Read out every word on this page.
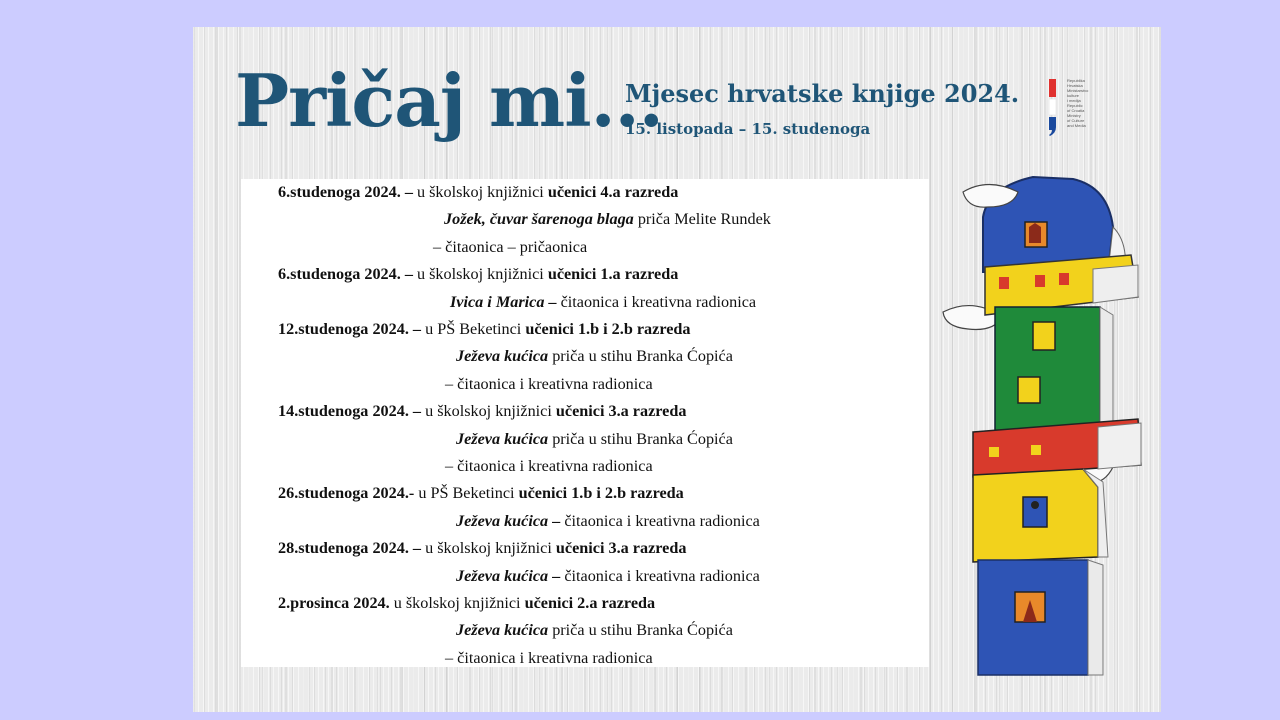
Pričaj mi...
Mjesec hrvatske knjige 2024.
15. listopada – 15. studenoga
Republika
Hrvatska
Ministarstvo
kulture
i medija
Republic
of Croatia
Ministry
of Culture
and Media
6.studenoga 2024. – u školskoj knjižnici učenici 4.a razreda
Jožek, čuvar šarenoga blaga priča Melite Rundek
– čitaonica – pričaonica
6.studenoga 2024. – u školskoj knjižnici učenici 1.a razreda
Ivica i Marica – čitaonica i kreativna radionica
12.studenoga 2024. – u PŠ Beketinci učenici 1.b i 2.b razreda
Ježeva kućica priča u stihu Branka Ćopića
– čitaonica i kreativna radionica
14.studenoga 2024. – u školskoj knjižnici učenici 3.a razreda
Ježeva kućica priča u stihu Branka Ćopića
– čitaonica i kreativna radionica
26.studenoga 2024.- u PŠ Beketinci učenici 1.b i 2.b razreda
Ježeva kućica – čitaonica i kreativna radionica
28.studenoga 2024. – u školskoj knjižnici učenici 3.a razreda
Ježeva kućica – čitaonica i kreativna radionica
2.prosinca 2024. u školskoj knjižnici učenici 2.a razreda
Ježeva kućica priča u stihu Branka Ćopića
– čitaonica i kreativna radionica
